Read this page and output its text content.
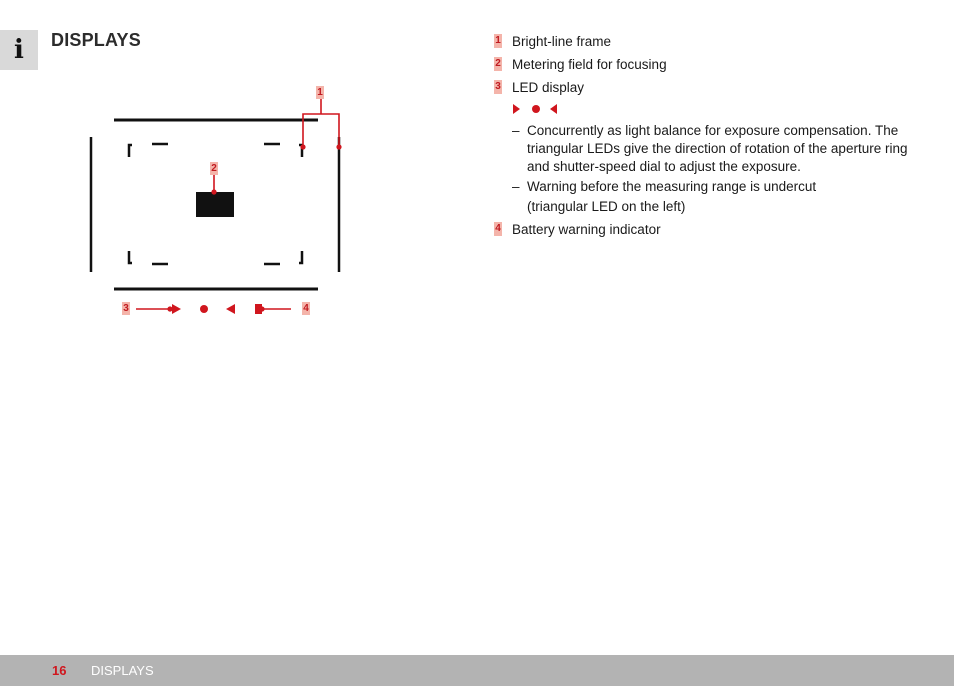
i DISPLAYS
1
2
3	4
1 Bright-line frame
2 Metering field for focusing
3 LED display
– Concurrently as light balance for exposure compensation. The triangular LEDs give the direction of rotation of the aperture ring and shutter-speed dial to adjust the exposure.
– Warning before the measuring range is undercut
(triangular LED on the left)
4 Battery warning indicator
16 DISPLAYS
